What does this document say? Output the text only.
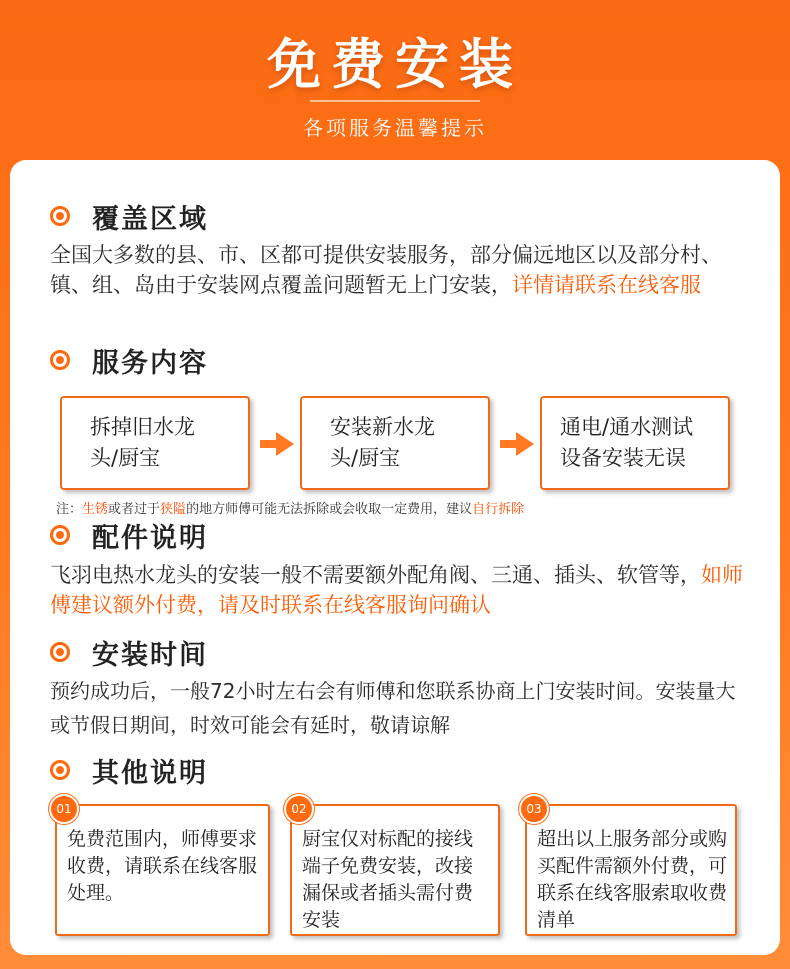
免费安装
各项服务温馨提示
覆盖区域
全国大多数的县、市、区都可提供安装服务，部分偏远地区以及部分村、镇、组、岛由于安装网点覆盖问题暂无上门安装，详情请联系在线客服
服务内容
拆掉旧水龙头/厨宝
安装新水龙头/厨宝
通电/通水测试设备安装无误
注：生锈或者过于狭隘的地方师傅可能无法拆除或会收取一定费用，建议自行拆除
配件说明
飞羽电热水龙头的安装一般不需要额外配角阀、三通、插头、软管等，如师傅建议额外付费，请及时联系在线客服询问确认
安装时间
预约成功后，一般72小时左右会有师傅和您联系协商上门安装时间。安装量大或节假日期间，时效可能会有延时，敬请谅解
其他说明
01
免费范围内，师傅要求收费，请联系在线客服处理。
02
厨宝仅对标配的接线端子免费安装，改接漏保或者插头需付费安装
03
超出以上服务部分或购买配件需额外付费，可联系在线客服索取收费清单
